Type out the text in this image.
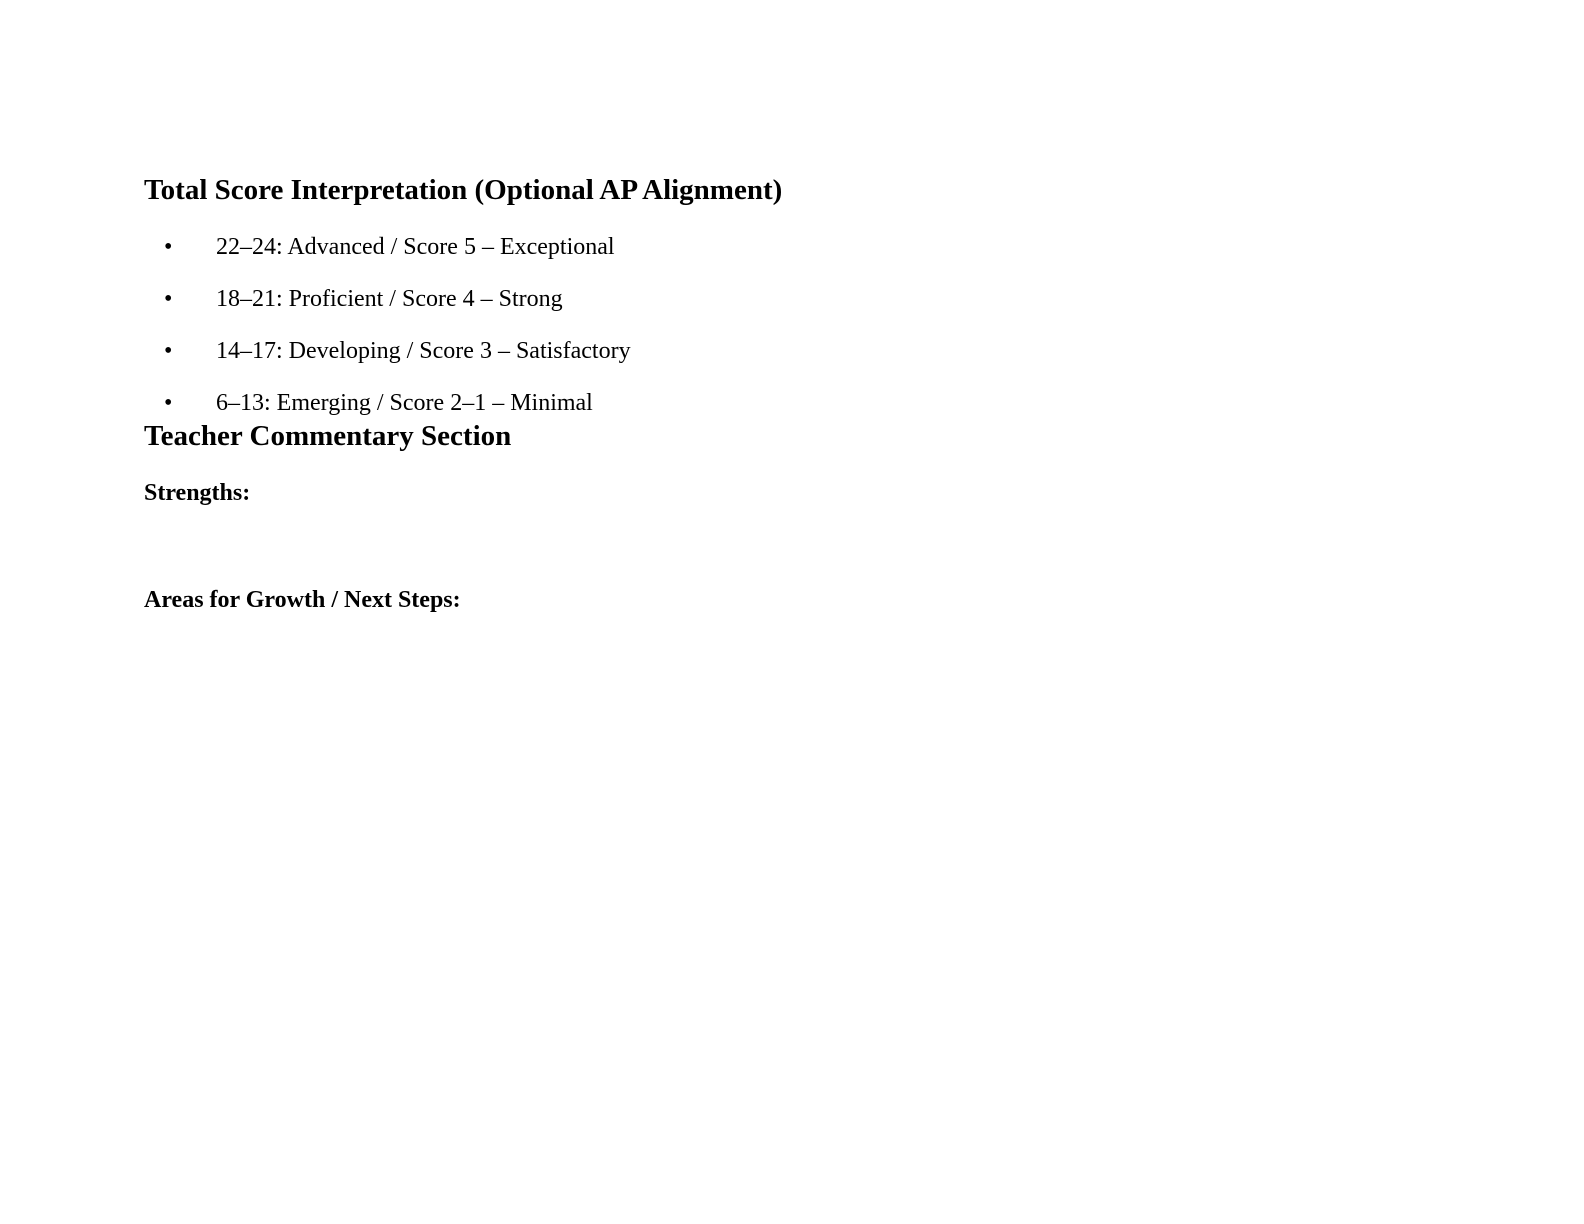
Total Score Interpretation (Optional AP Alignment)
• 22–24: Advanced / Score 5 – Exceptional
• 18–21: Proficient / Score 4 – Strong
• 14–17: Developing / Score 3 – Satisfactory
• 6–13: Emerging / Score 2–1 – Minimal
Teacher Commentary Section

Strengths:

Areas for Growth / Next Steps:
